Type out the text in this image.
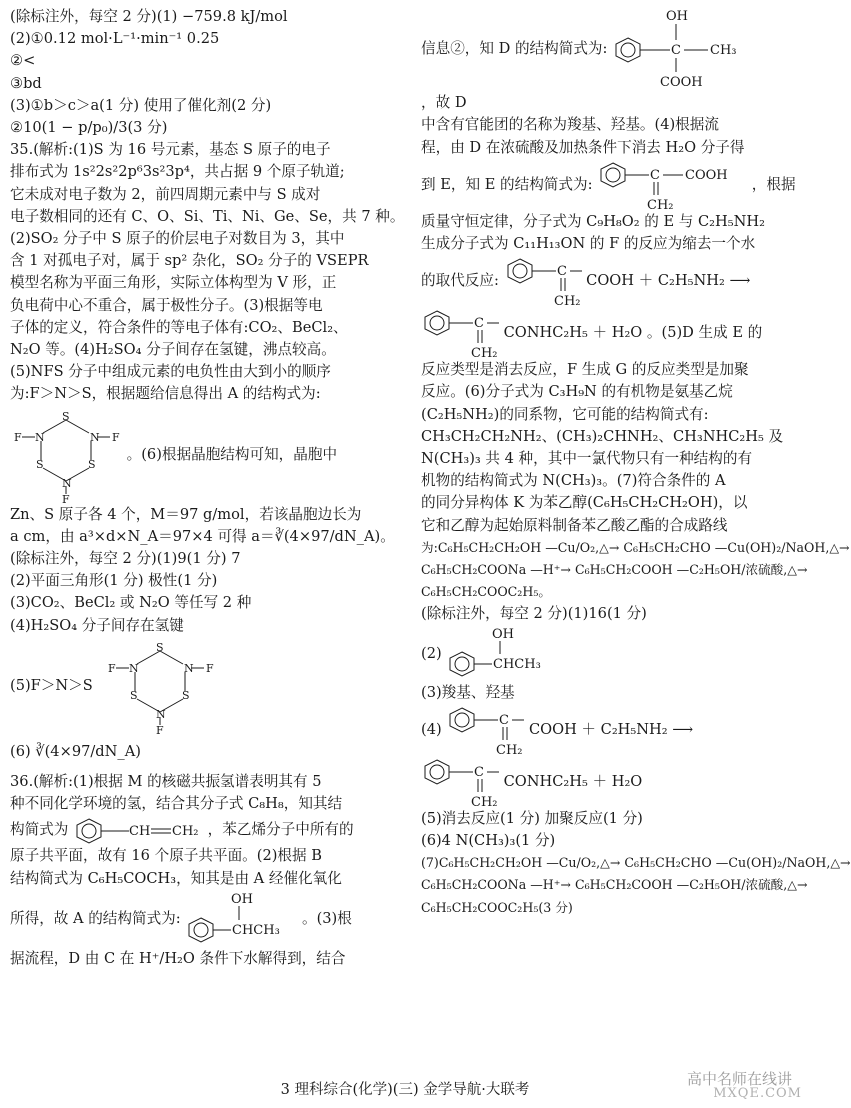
(除标注外，每空 2 分)(1) −759.8 kJ/mol
(2)①0.12 mol·L⁻¹·min⁻¹ 0.25
②<
③bd
(3)①b＞c＞a(1 分) 使用了催化剂(2 分)
②10(1 − p/p₀)/3(3 分)
35.(解析:(1)S 为 16 号元素，基态 S 原子的电子
排布式为 1s²2s²2p⁶3s²3p⁴，共占据 9 个原子轨道;
它未成对电子数为 2，前四周期元素中与 S 成对
电子数相同的还有 C、O、Si、Ti、Ni、Ge、Se，共 7 种。
(2)SO₂ 分子中 S 原子的价层电子对数目为 3，其中
含 1 对孤电子对，属于 sp² 杂化，SO₂ 分子的 VSEPR
模型名称为平面三角形，实际立体构型为 V 形，正
负电荷中心不重合，属于极性分子。(3)根据等电
子体的定义，符合条件的等电子体有:CO₂、BeCl₂、
N₂O 等。(4)H₂SO₄ 分子间存在氢键，沸点较高。
(5)NFS 分子中组成元素的电负性由大到小的顺序
为:F＞N＞S，根据题给信息得出 A 的结构式为:
S
N	N
F	F
S	S
N
F
。(6)根据晶胞结构可知，晶胞中
Zn、S 原子各 4 个，M＝97 g/mol，若该晶胞边长为
a cm，由 a³×d×N_A＝97×4 可得 a＝∛(4×97/dN_A)。
(除标注外，每空 2 分)(1)9(1 分) 7
(2)平面三角形(1 分) 极性(1 分)
(3)CO₂、BeCl₂ 或 N₂O 等任写 2 种
(4)H₂SO₄ 分子间存在氢键
(5)F＞N＞S
S
N	N
F	F
S	S
N
F
(6) ∛(4×97/dN_A)
36.(解析:(1)根据 M 的核磁共振氢谱表明其有 5
种不同化学环境的氢，结合其分子式 C₈H₈，知其结
构简式为	CH CH₂ ，苯乙烯分子中所有的
原子共平面，故有 16 个原子共平面。(2)根据 B
结构简式为 C₆H₅COCH₃，知其是由 A 经催化氧化
所得，故 A 的结构简式为:
OH
CHCH₃
。(3)根
据流程，D 由 C 在 H⁺/H₂O 条件下水解得到，结合
信息②，知 D 的结构简式为:
OH
C CH₃
COOH
，故 D
中含有官能团的名称为羧基、羟基。(4)根据流
程，由 D 在浓硫酸及加热条件下消去 H₂O 分子得
到 E，知 E 的结构简式为:
C COOH
CH₂
，根据
质量守恒定律，分子式为 C₉H₈O₂ 的 E 与 C₂H₅NH₂
生成分子式为 C₁₁H₁₃ON 的 F 的反应为缩去一个水
的取代反应:
C
CH₂
COOH ＋ C₂H₅NH₂ ⟶
C
CH₂
CONHC₂H₅ ＋ H₂O 。(5)D 生成 E 的
反应类型是消去反应，F 生成 G 的反应类型是加聚
反应。(6)分子式为 C₃H₉N 的有机物是氨基乙烷
(C₂H₅NH₂)的同系物，它可能的结构简式有:
CH₃CH₂CH₂NH₂、(CH₃)₂CHNH₂、CH₃NHC₂H₅ 及
N(CH₃)₃ 共 4 种，其中一氯代物只有一种结构的有
机物的结构简式为 N(CH₃)₃。(7)符合条件的 A
的同分异构体 K 为苯乙醇(C₆H₅CH₂CH₂OH)，以
它和乙醇为起始原料制备苯乙酸乙酯的合成路线
为:C₆H₅CH₂CH₂OH —Cu/O₂,△→ C₆H₅CH₂CHO —Cu(OH)₂/NaOH,△→
C₆H₅CH₂COONa —H⁺→ C₆H₅CH₂COOH —C₂H₅OH/浓硫酸,△→
C₆H₅CH₂COOC₂H₅。
(除标注外，每空 2 分)(1)16(1 分)
(2)
OH
CHCH₃
(3)羧基、羟基
(4)
C
CH₂
COOH ＋ C₂H₅NH₂ ⟶
C
CH₂
CONHC₂H₅ ＋ H₂O
(5)消去反应(1 分) 加聚反应(1 分)
(6)4 N(CH₃)₃(1 分)
(7)C₆H₅CH₂CH₂OH —Cu/O₂,△→ C₆H₅CH₂CHO —Cu(OH)₂/NaOH,△→
C₆H₅CH₂COONa —H⁺→ C₆H₅CH₂COOH —C₂H₅OH/浓硫酸,△→
C₆H₅CH₂COOC₂H₅(3 分)
3 理科综合(化学)(三) 金学导航·大联考
高中名师在线讲
MXQE.COM
